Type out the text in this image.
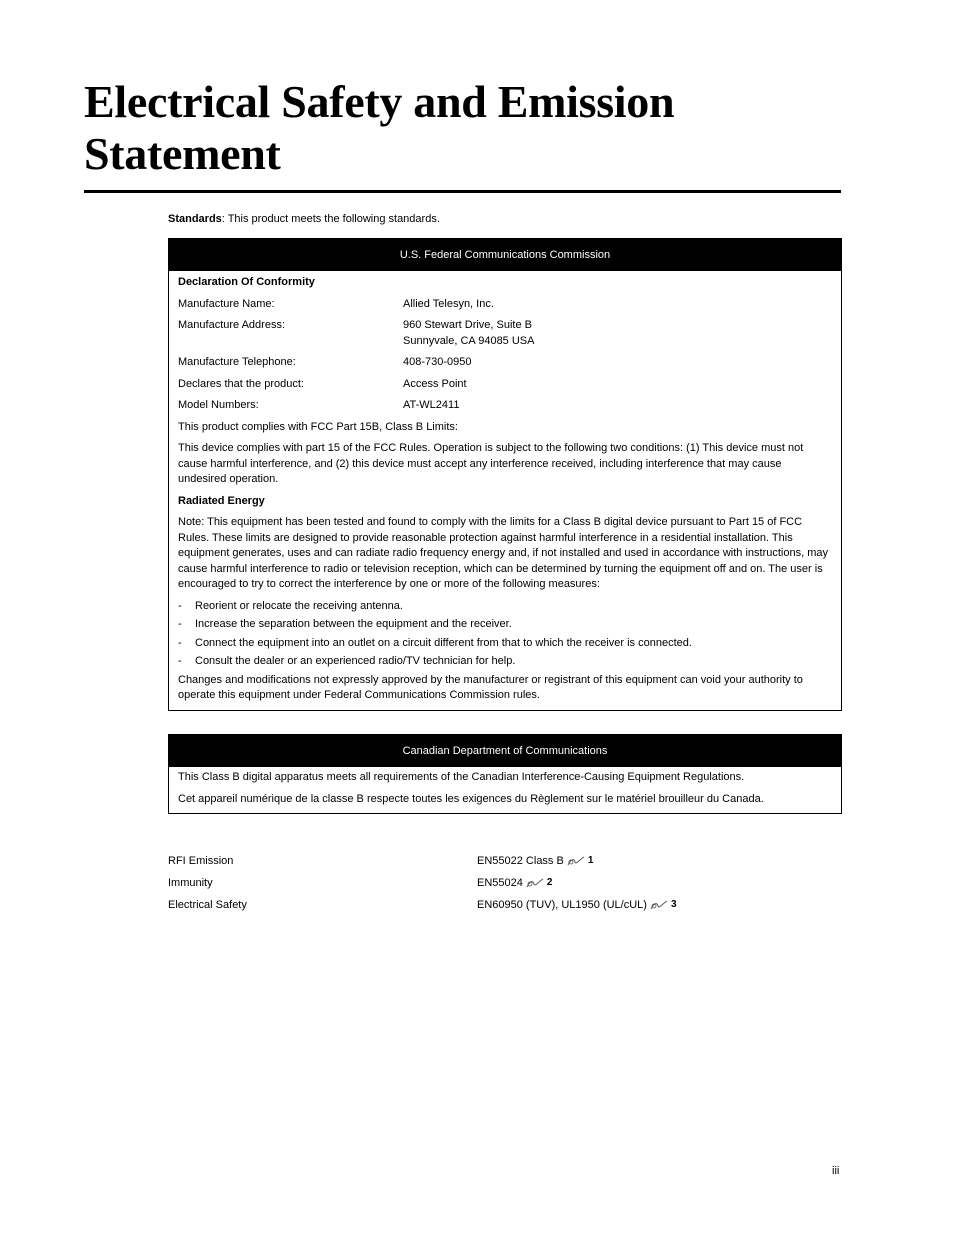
Electrical Safety and Emission Statement
Standards: This product meets the following standards.
U.S. Federal Communications Commission
Declaration Of Conformity
Manufacture Name:	Allied Telesyn, Inc.
Manufacture Address:	960 Stewart Drive, Suite B
Sunnyvale, CA 94085 USA
Manufacture Telephone:	408-730-0950
Declares that the product:	Access Point
Model Numbers:	AT-WL2411
This product complies with FCC Part 15B, Class B Limits:
This device complies with part 15 of the FCC Rules. Operation is subject to the following two conditions: (1) This device must not cause harmful interference, and (2) this device must accept any interference received, including interference that may cause undesired operation.
Radiated Energy
Note: This equipment has been tested and found to comply with the limits for a Class B digital device pursuant to Part 15 of FCC Rules. These limits are designed to provide reasonable protection against harmful interference in a residential installation. This equipment generates, uses and can radiate radio frequency energy and, if not installed and used in accordance with instructions, may cause harmful interference to radio or television reception, which can be determined by turning the equipment off and on. The user is encouraged to try to correct the interference by one or more of the following measures:
-	Reorient or relocate the receiving antenna.
-	Increase the separation between the equipment and the receiver.
-	Connect the equipment into an outlet on a circuit different from that to which the receiver is connected.
-	Consult the dealer or an experienced radio/TV technician for help.
Changes and modifications not expressly approved by the manufacturer or registrant of this equipment can void your authority to operate this equipment under Federal Communications Commission rules.
Canadian Department of Communications
This Class B digital apparatus meets all requirements of the Canadian Interference-Causing Equipment Regulations.
Cet appareil numérique de la classe B respecte toutes les exigences du Règlement sur le matériel brouilleur du Canada.
RFI Emission	EN55022 Class B 1
Immunity	EN55024 2
Electrical Safety	EN60950 (TUV), UL1950 (UL/cUL) 3
iii
